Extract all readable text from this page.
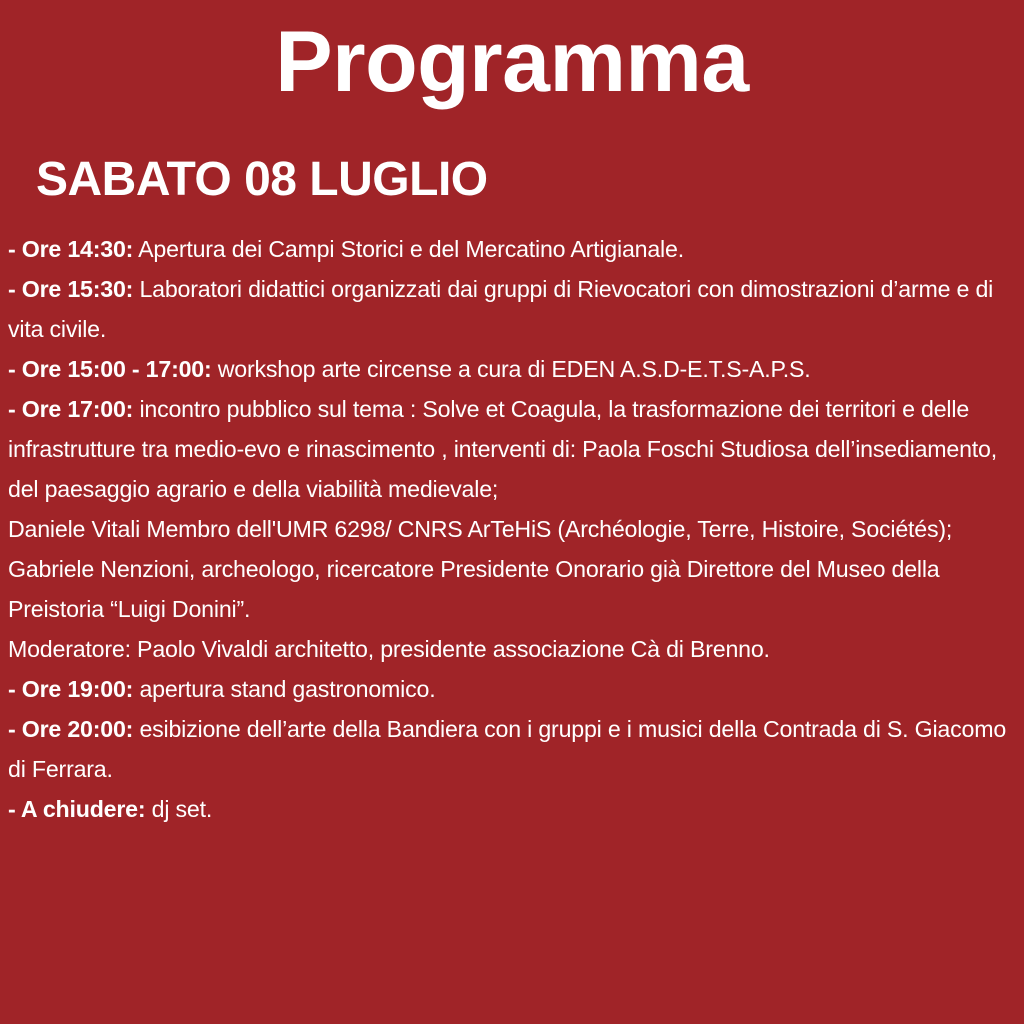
Programma
SABATO 08 LUGLIO

- Ore 14:30: Apertura dei Campi Storici e del Mercatino Artigianale.

- Ore 15:30: Laboratori didattici organizzati dai gruppi di Rievocatori con dimostrazioni d’arme e di vita civile.

- Ore 15:00 - 17:00: workshop arte circense a cura di EDEN A.S.D-E.T.S-A.P.S.

- Ore 17:00: incontro pubblico sul tema : Solve et Coagula, la trasformazione dei territori e delle infrastrutture tra medio-evo e rinascimento , interventi di: Paola Foschi Studiosa dell’insediamento, del paesaggio agrario e della viabilità medievale;

Daniele Vitali Membro dell'UMR 6298/ CNRS ArTeHiS (Archéologie, Terre, Histoire, Sociétés);

Gabriele Nenzioni, archeologo, ricercatore Presidente Onorario già Direttore del Museo della Preistoria “Luigi Donini”.

Moderatore: Paolo Vivaldi architetto, presidente associazione Cà di Brenno.

- Ore 19:00: apertura stand gastronomico.

- Ore 20:00: esibizione dell’arte della Bandiera con i gruppi e i musici della Contrada di S. Giacomo di Ferrara.

- A chiudere: dj set.
